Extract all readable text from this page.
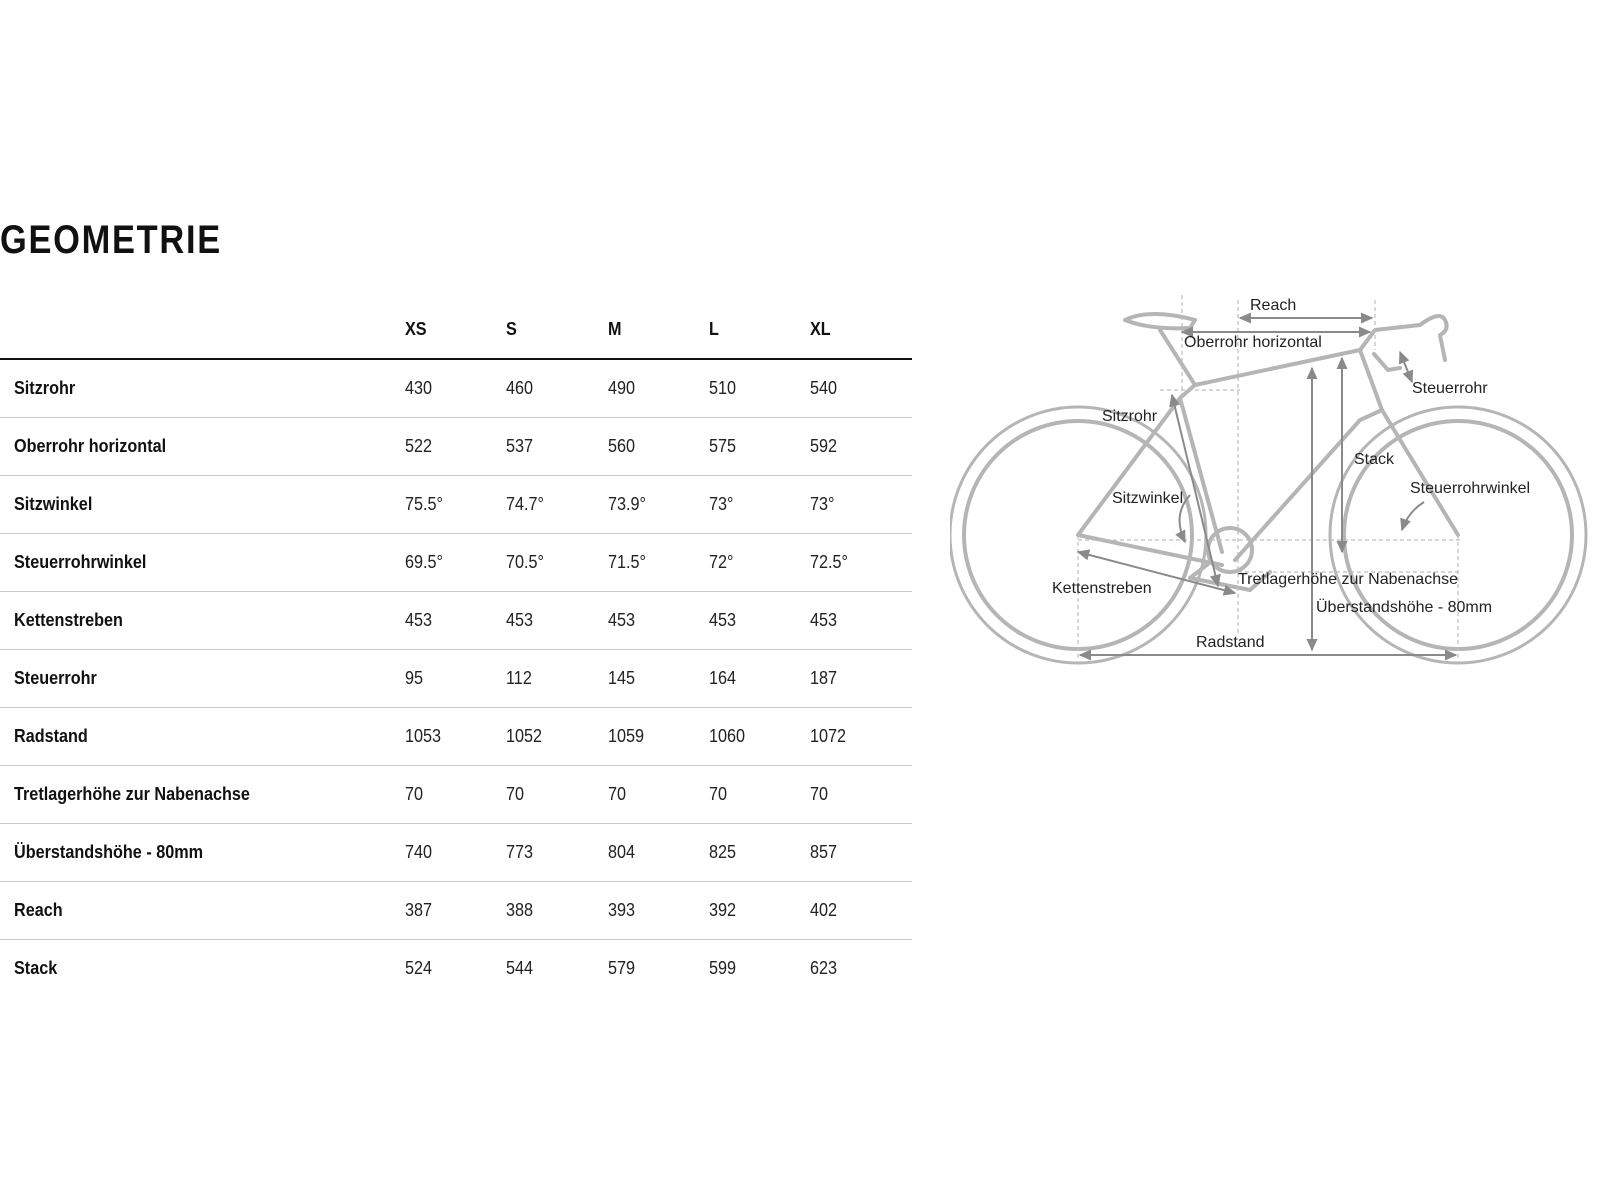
GEOMETRIE
	XS	S	M	L	XL
Sitzrohr	430	460	490	510	540
Oberrohr horizontal	522	537	560	575	592
Sitzwinkel	75.5°	74.7°	73.9°	73°	73°
Steuerrohrwinkel	69.5°	70.5°	71.5°	72°	72.5°
Kettenstreben	453	453	453	453	453
Steuerrohr	95	112	145	164	187
Radstand	1053	1052	1059	1060	1072
Tretlagerhöhe zur Nabenachse	70	70	70	70	70
Überstandshöhe - 80mm	740	773	804	825	857
Reach	387	388	393	392	402
Stack	524	544	579	599	623
Reach
Oberrohr horizontal
Steuerrohr
Sitzrohr
Stack
Sitzwinkel
Steuerrohrwinkel
Tretlagerhöhe zur Nabenachse
Kettenstreben
Überstandshöhe - 80mm
Radstand
